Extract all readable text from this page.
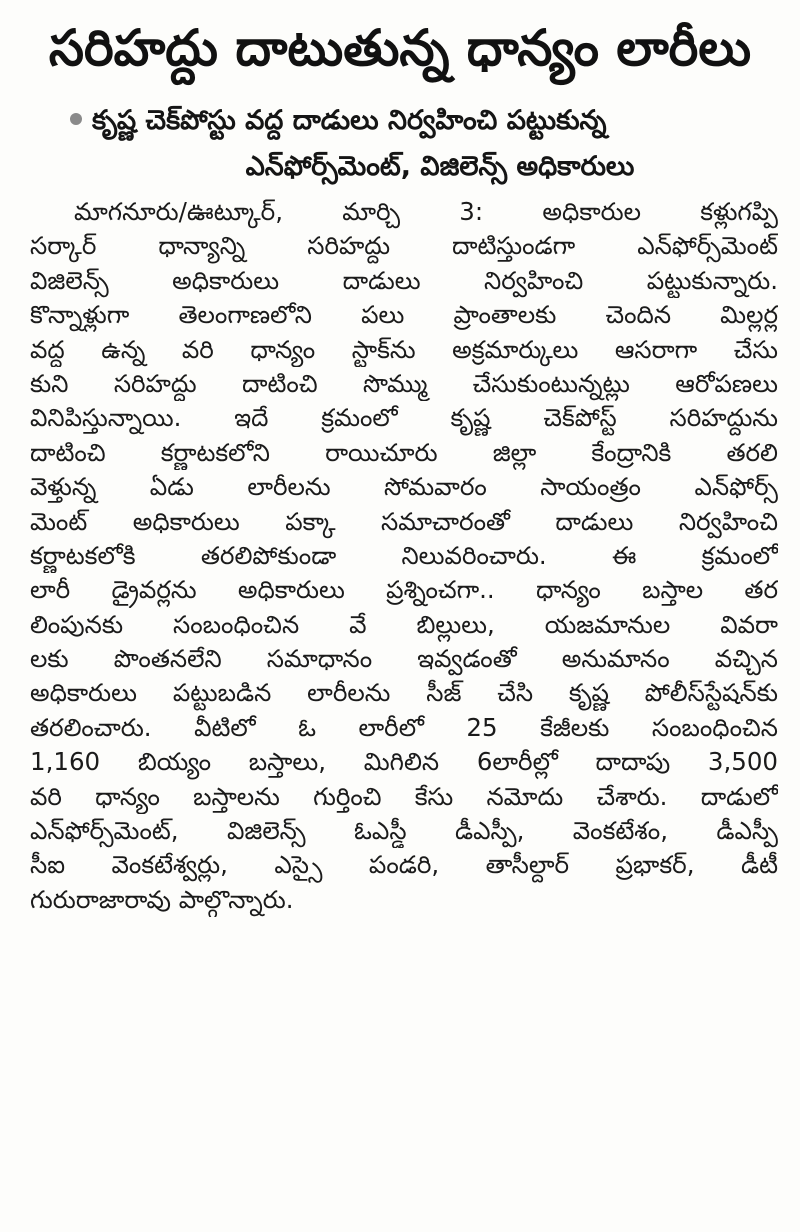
సరిహద్దు దాటుతున్న ధాన్యం లారీలు
కృష్ణ చెక్‌పోస్టు వద్ద దాడులు నిర్వహించి పట్టుకున్న
ఎన్‌ఫోర్స్‌మెంట్, విజిలెన్స్ అధికారులు
మాగనూరు/ఊట్కూర్, మార్చి 3: అధికారుల కళ్లుగప్పి
సర్కార్ ధాన్యాన్ని సరిహద్దు దాటిస్తుండగా ఎన్‌ఫోర్స్‌మెంట్
విజిలెన్స్ అధికారులు దాడులు నిర్వహించి పట్టుకున్నారు.
కొన్నాళ్లుగా తెలంగాణలోని పలు ప్రాంతాలకు చెందిన మిల్లర్ల
వద్ద ఉన్న వరి ధాన్యం స్టాక్‌ను అక్రమార్కులు ఆసరాగా చేసు
కుని సరిహద్దు దాటించి సొమ్ము చేసుకుంటున్నట్లు ఆరోపణలు
వినిపిస్తున్నాయి. ఇదే క్రమంలో కృష్ణ చెక్‌పోస్ట్ సరిహద్దును
దాటించి కర్ణాటకలోని రాయిచూరు జిల్లా కేంద్రానికి తరలి
వెళ్తున్న ఏడు లారీలను సోమవారం సాయంత్రం ఎన్‌ఫోర్స్
మెంట్ అధికారులు పక్కా సమాచారంతో దాడులు నిర్వహించి
కర్ణాటకలోకి తరలిపోకుండా నిలువరించారు. ఈ క్రమంలో
లారీ డ్రైవర్లను అధికారులు ప్రశ్నించగా.. ధాన్యం బస్తాల తర
లింపునకు సంబంధించిన వే బిల్లులు, యజమానుల వివరా
లకు పొంతనలేని సమాధానం ఇవ్వడంతో అనుమానం వచ్చిన
అధికారులు పట్టుబడిన లారీలను సీజ్ చేసి కృష్ణ పోలీస్‌స్టేషన్‌కు
తరలించారు. వీటిలో ఓ లారీలో 25 కేజీలకు సంబంధించిన
1,160 బియ్యం బస్తాలు, మిగిలిన 6లారీల్లో దాదాపు 3,500
వరి ధాన్యం బస్తాలను గుర్తించి కేసు నమోదు చేశారు. దాడులో
ఎన్‌ఫోర్స్‌మెంట్, విజిలెన్స్ ఓఎస్డీ డీఎస్పీ, వెంకటేశం, డీఎస్పీ
సీఐ వెంకటేశ్వర్లు, ఎస్సై పండరి, తాసీల్దార్ ప్రభాకర్, డీటీ
గురురాజారావు పాల్గొన్నారు.
